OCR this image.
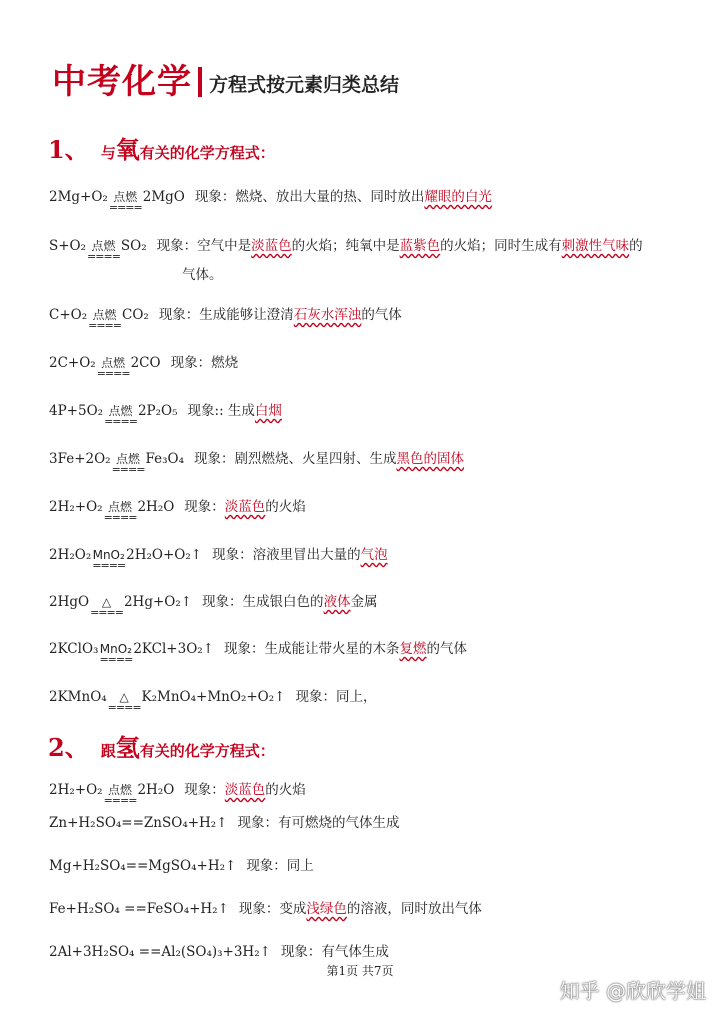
中考化学 方程式按元素归类总结
1、 与 氧 有关的化学方程式：
气体。
2、 跟 氢 有关的化学方程式：
第1页 共7页
知乎 @欣欣学姐
2Mg+O₂ 点燃
====
2MgO 现象：燃烧、放出大量的热、同时放出耀眼的白光
S+O₂ 点燃
====
SO₂ 现象：空气中是淡蓝色的火焰；纯氧中是蓝紫色的火焰；同时生成有刺激性气味的
C+O₂ 点燃
====
CO₂ 现象：生成能够让澄清石灰水浑浊的气体
2C+O₂ 点燃
====
2CO 现象：燃烧
4P+5O₂ 点燃
====
2P₂O₅ 现象:: 生成白烟
3Fe+2O₂ 点燃
====
Fe₃O₄ 现象：剧烈燃烧、火星四射、生成黑色的固体
2H₂+O₂ 点燃
====
2H₂O 现象：淡蓝色的火焰
2H₂O₂ MnO₂
====
2H₂O+O₂↑ 现象：溶液里冒出大量的气泡
2HgO △
====
2Hg+O₂↑ 现象：生成银白色的液体金属
2KClO₃ MnO₂
====
2KCl+3O₂↑ 现象：生成能让带火星的木条复燃的气体
2KMnO₄ △
====
K₂MnO₄+MnO₂+O₂↑ 现象：同上，
2H₂+O₂ 点燃
====
2H₂O 现象：淡蓝色的火焰
Zn+H₂SO₄==ZnSO₄+H₂↑ 现象：有可燃烧的气体生成
Mg+H₂SO₄==MgSO₄+H₂↑ 现象：同上
Fe+H₂SO₄ ==FeSO₄+H₂↑ 现象：变成浅绿色的溶液，同时放出气体
2Al+3H₂SO₄ ==Al₂(SO₄)₃+3H₂↑ 现象：有气体生成
